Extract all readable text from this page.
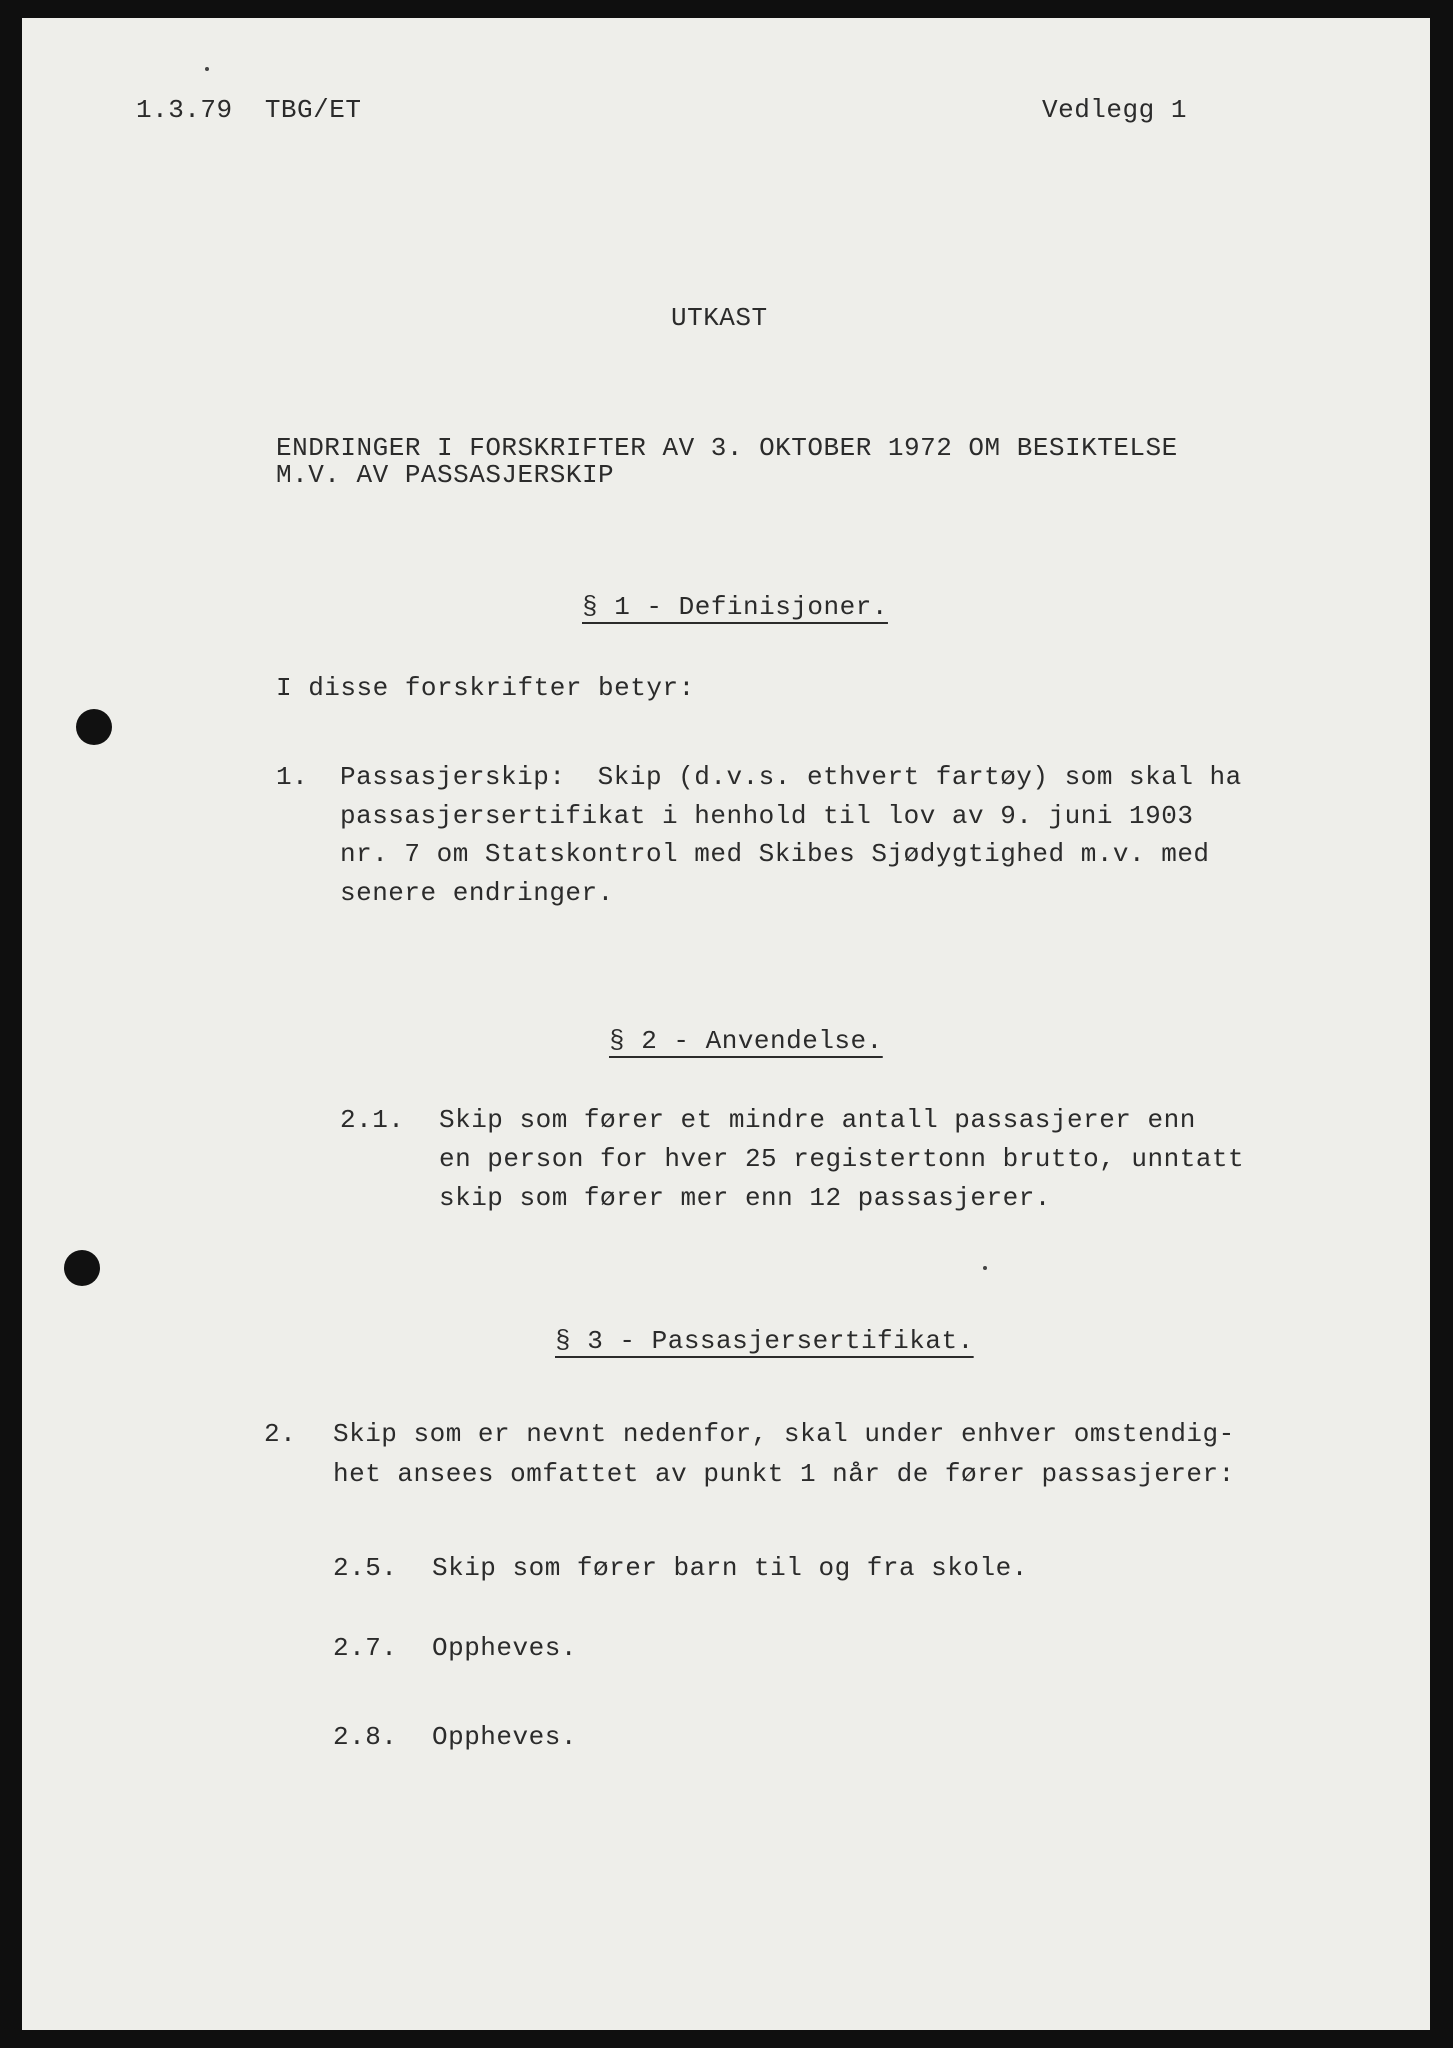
1.3.79  TBG/ET	Vedlegg 1
UTKAST
ENDRINGER I FORSKRIFTER AV 3. OKTOBER 1972 OM BESIKTELSE
M.V. AV PASSASJERSKIP
§ 1 - Definisjoner.
I disse forskrifter betyr:
1. Passasjerskip:  Skip (d.v.s. ethvert fartøy) som skal ha
passasjersertifikat i henhold til lov av 9. juni 1903
nr. 7 om Statskontrol med Skibes Sjødygtighed m.v. med
senere endringer.
§ 2 - Anvendelse.
2.1. Skip som fører et mindre antall passasjerer enn
en person for hver 25 registertonn brutto, unntatt
skip som fører mer enn 12 passasjerer.
§ 3 - Passasjersertifikat.
2. Skip som er nevnt nedenfor, skal under enhver omstendig-
het ansees omfattet av punkt 1 når de fører passasjerer:
2.5. Skip som fører barn til og fra skole.
2.7. Oppheves.
2.8. Oppheves.
